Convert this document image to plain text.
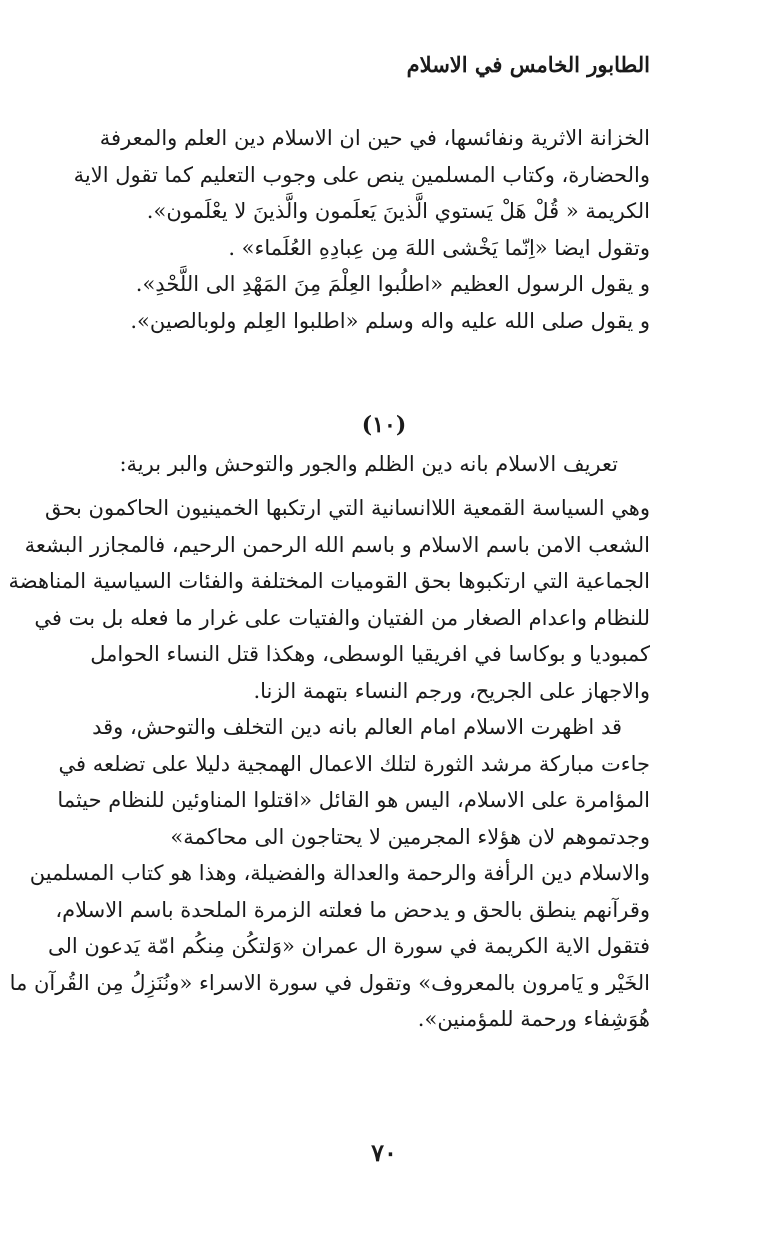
الطابور الخامس في الاسلام
الخزانة الاثرية ونفائسها، في حين ان الاسلام دين العلم والمعرفة
والحضارة، وكتاب المسلمين ينص على وجوب التعليم كما تقول الاية
الكريمة « قُلْ هَلْ يَستوي الَّذينَ يَعلَمون والَّذينَ لا يعْلَمون».
وتقول ايضا «اِنّما يَخْشى اللهَ مِن عِبادِهِ العُلَماء» .
و يقول الرسول العظيم «اطلُبوا العِلْمَ مِنَ المَهْدِ الى اللَّحْدِ».
و يقول صلى الله عليه واله وسلم «اطلبوا العِلم ولوبالصين».
(١٠)
تعريف الاسلام بانه دين الظلم والجور والتوحش والبر برية:
وهي السياسة القمعية اللاانسانية التي ارتكبها الخمينيون الحاكمون بحق
الشعب الامن باسم الاسلام و باسم الله الرحمن الرحيم، فالمجازر البشعة
الجماعية التي ارتكبوها بحق القوميات المختلفة والفئات السياسية المناهضة
للنظام واعدام الصغار من الفتيان والفتيات على غرار ما فعله بل بت في
كمبوديا و بوكاسا في افريقيا الوسطى، وهكذا قتل النساء الحوامل
والاجهاز على الجريح، ورجم النساء بتهمة الزنا.
قد اظهرت الاسلام امام العالم بانه دين التخلف والتوحش، وقد
جاءت مباركة مرشد الثورة لتلك الاعمال الهمجية دليلا على تضلعه في
المؤامرة على الاسلام، اليس هو القائل «اقتلوا المناوئين للنظام حيثما
وجدتموهم لان هؤلاء المجرمين لا يحتاجون الى محاكمة»
والاسلام دين الرأفة والرحمة والعدالة والفضيلة، وهذا هو كتاب المسلمين
وقرآنهم ينطق بالحق و يدحض ما فعلته الزمرة الملحدة باسم الاسلام،
فتقول الاية الكريمة في سورة ال عمران «وَلتكُن مِنكُم امّة يَدعون الى
الخَيْر و يَامرون بالمعروف» وتقول في سورة الاسراء «ونُنَزِلُ مِن القُرآن ما
هُوَشِفاء ورحمة للمؤمنين».
٧٠
